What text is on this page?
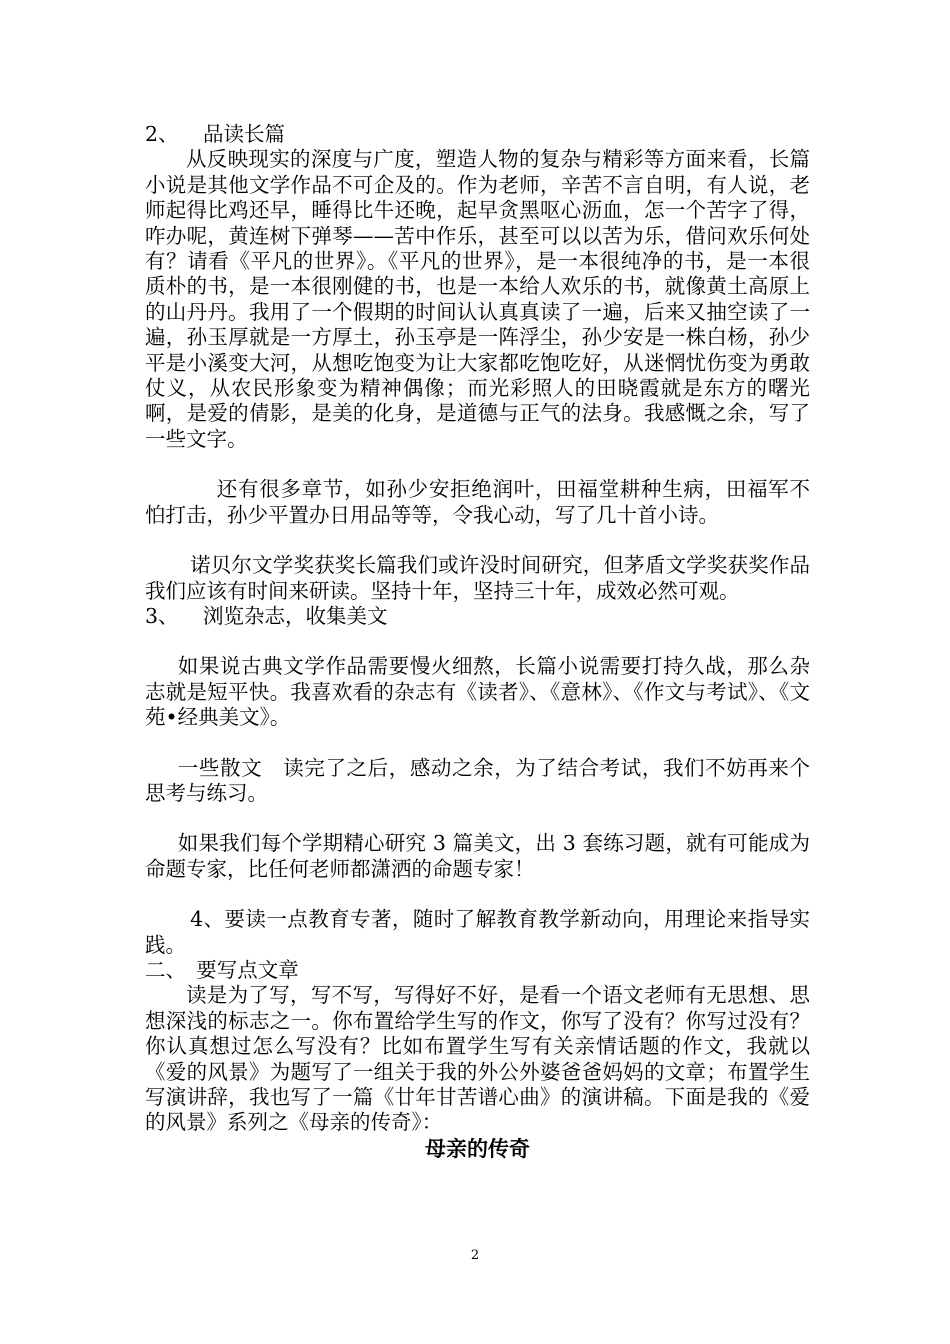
2、 品读长篇

从反映现实的深度与广度，塑造人物的复杂与精彩等方面来看，长篇小说是其他文学作品不可企及的。作为老师，辛苦不言自明，有人说，老师起得比鸡还早，睡得比牛还晚，起早贪黑呕心沥血，怎一个苦字了得，咋办呢，黄连树下弹琴——苦中作乐，甚至可以以苦为乐，借问欢乐何处有？请看《平凡的世界》。《平凡的世界》，是一本很纯净的书，是一本很质朴的书，是一本很刚健的书，也是一本给人欢乐的书，就像黄土高原上的山丹丹。我用了一个假期的时间认认真真读了一遍，后来又抽空读了一遍，孙玉厚就是一方厚土，孙玉亭是一阵浮尘，孙少安是一株白杨，孙少平是小溪变大河，从想吃饱变为让大家都吃饱吃好，从迷惘忧伤变为勇敢仗义，从农民形象变为精神偶像；而光彩照人的田晓霞就是东方的曙光啊，是爱的倩影，是美的化身，是道德与正气的法身。我感慨之余，写了一些文字。

还有很多章节，如孙少安拒绝润叶，田福堂耕种生病，田福军不怕打击，孙少平置办日用品等等，令我心动，写了几十首小诗。

诺贝尔文学奖获奖长篇我们或许没时间研究，但茅盾文学奖获奖作品我们应该有时间来研读。坚持十年，坚持三十年，成效必然可观。

3、 浏览杂志，收集美文

如果说古典文学作品需要慢火细熬，长篇小说需要打持久战，那么杂志就是短平快。我喜欢看的杂志有《读者》、《意林》、《作文与考试》、《文苑•经典美文》。

一些散文　读完了之后，感动之余，为了结合考试，我们不妨再来个思考与练习。

如果我们每个学期精心研究 3 篇美文，出 3 套练习题，就有可能成为命题专家，比任何老师都潇洒的命题专家！

4、要读一点教育专著，随时了解教育教学新动向，用理论来指导实践。

二、　 要写点文章

读是为了写，写不写，写得好不好，是看一个语文老师有无思想、思想深浅的标志之一。你布置给学生写的作文，你写了没有？你写过没有？你认真想过怎么写没有？比如布置学生写有关亲情话题的作文，我就以《爱的风景》为题写了一组关于我的外公外婆爸爸妈妈的文章；布置学生写演讲辞，我也写了一篇《廿年甘苦谱心曲》的演讲稿。下面是我的《爱的风景》系列之《母亲的传奇》：

母亲的传奇

2
